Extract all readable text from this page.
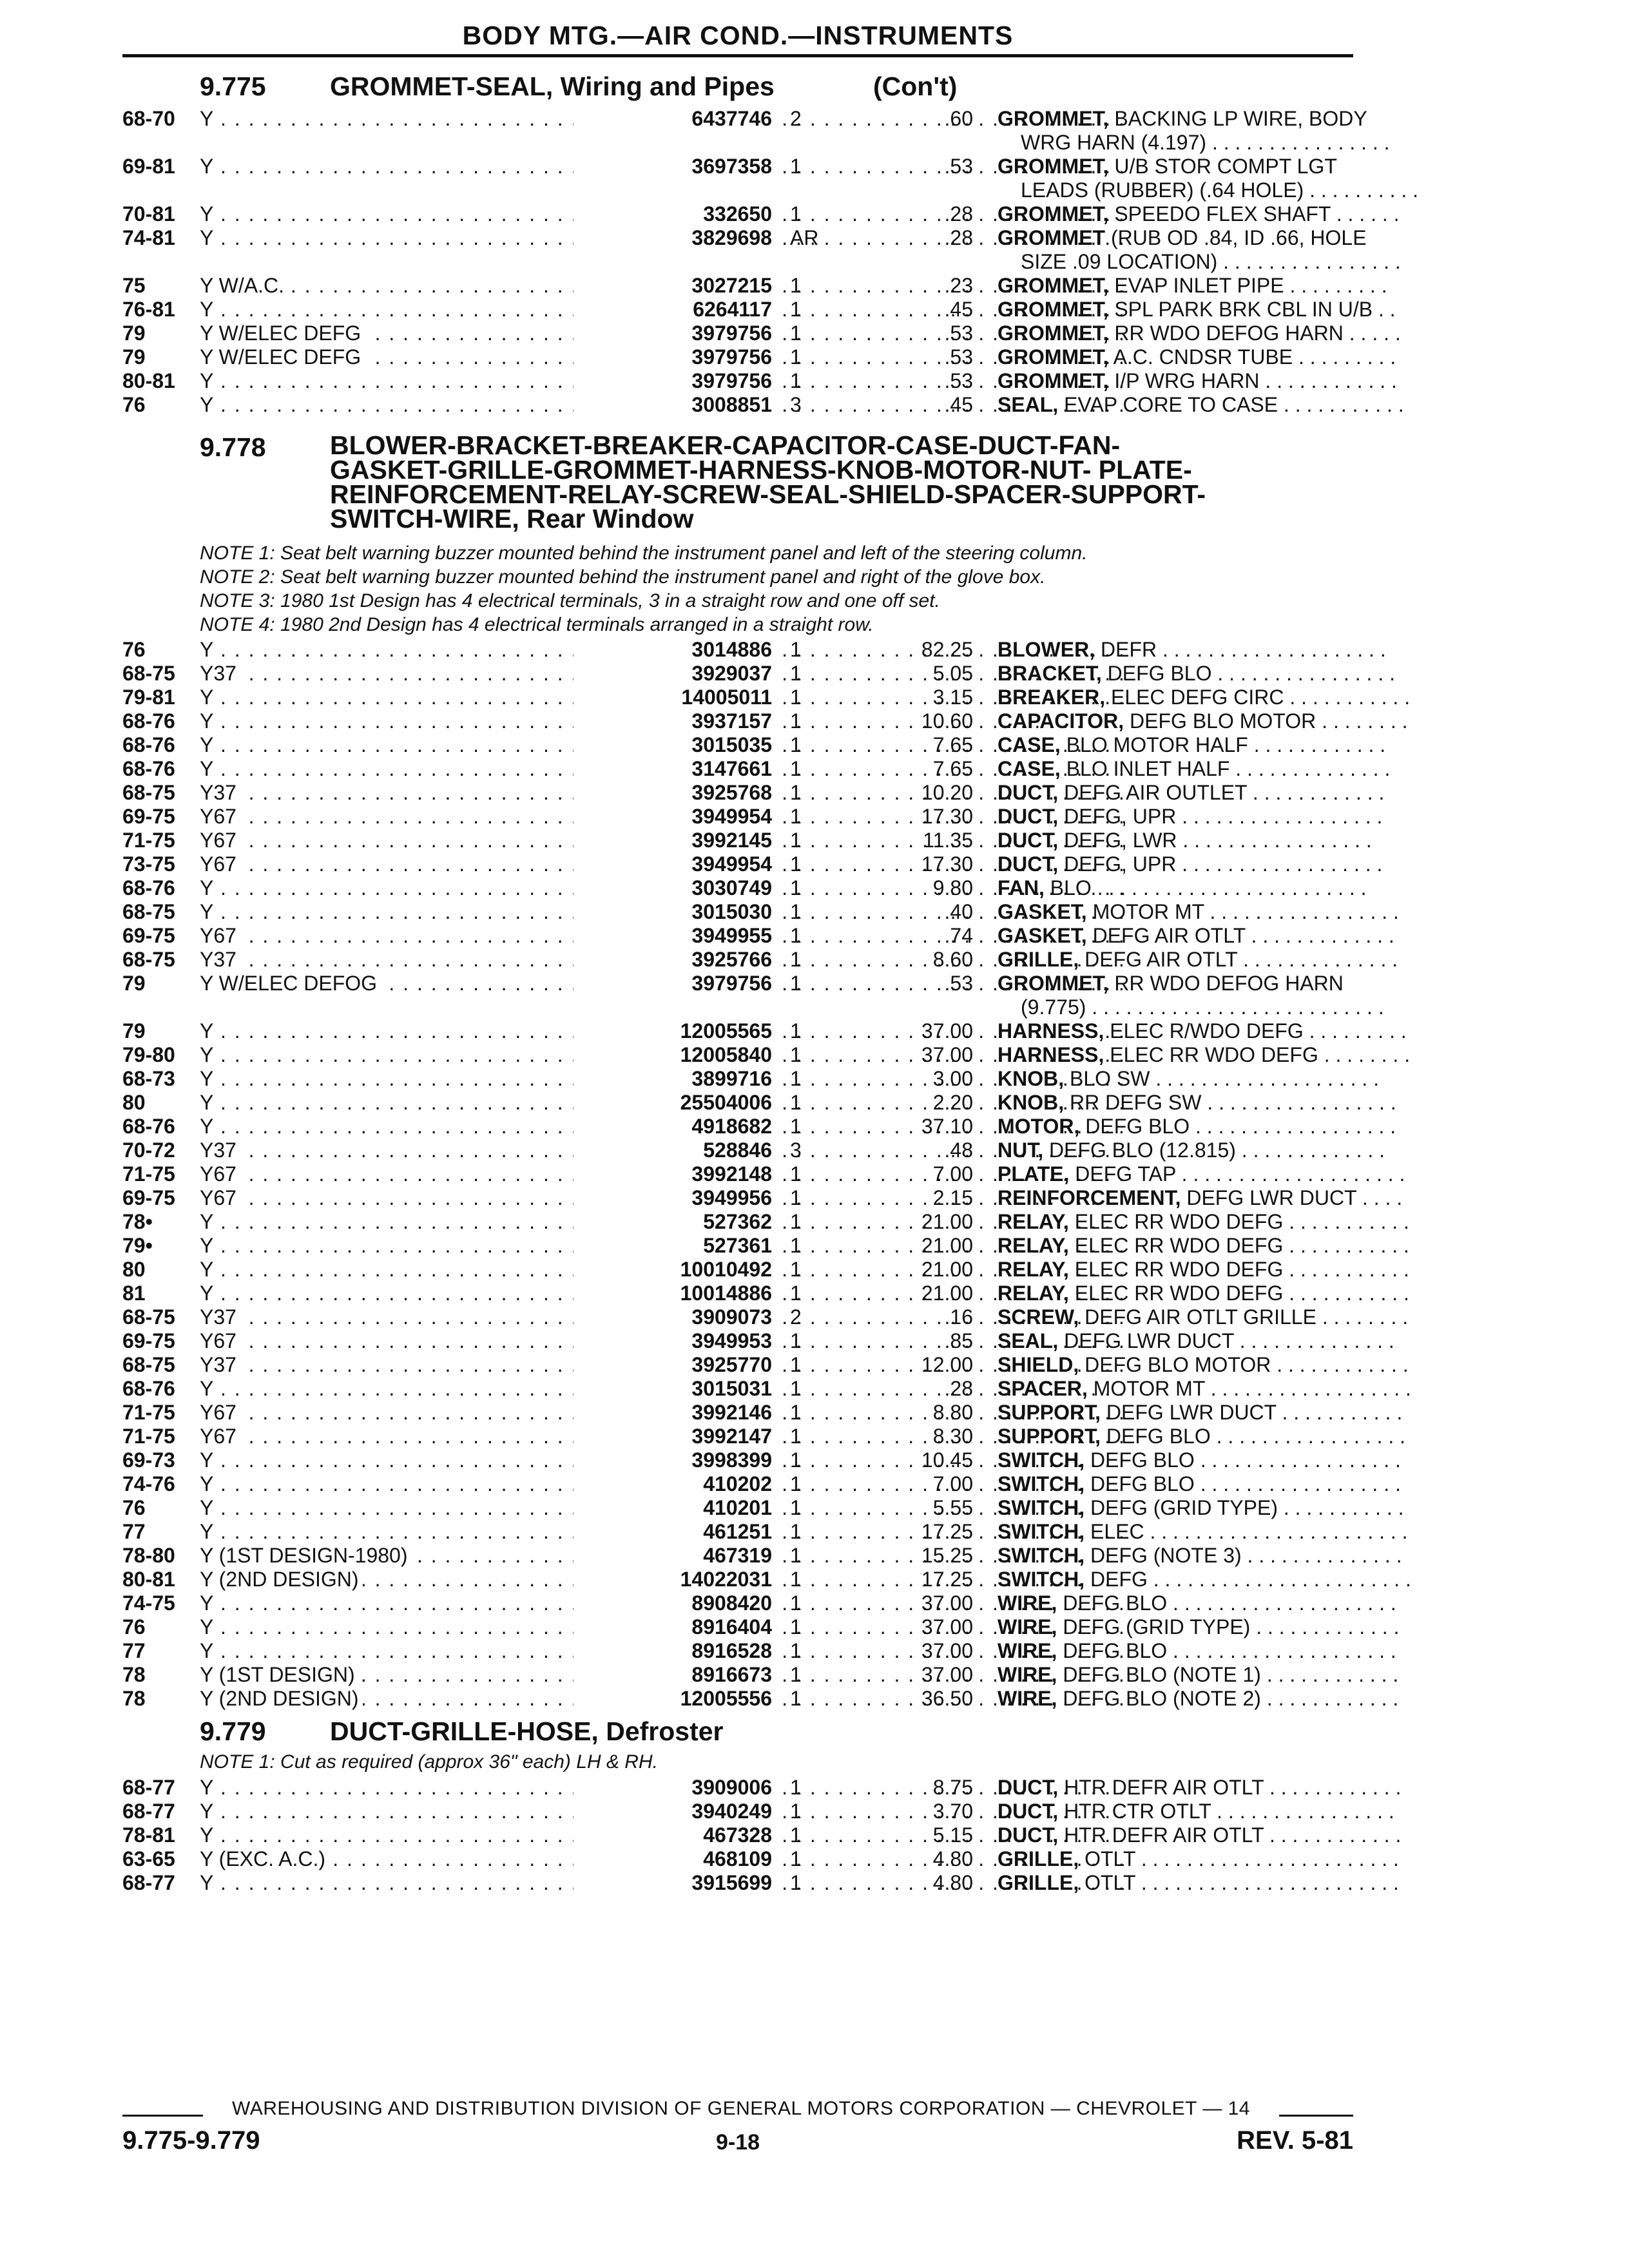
BODY MTG.—AIR COND.—INSTRUMENTS
9.775 GROMMET-SEAL, Wiring and Pipes	(Con't)
68-70 Y . . .	6437746 2	.60 GROMMET, BACKING LP WIRE, BODY
WRG HARN (4.197) . . . . . . . . . . . . . . . .
69-81 Y . . .	3697358 1	.53 GROMMET, U/B STOR COMPT LGT
LEADS (RUBBER) (.64 HOLE) . . . . . . . . . .
70-81 Y . . .	332650 1	.28 GROMMET, SPEEDO FLEX SHAFT . . . . . .
74-81 Y . . .	3829698 AR	.28 GROMMET (RUB OD .84, ID .66, HOLE
SIZE .09 LOCATION) . . . . . . . . . . . . . . . .
75	Y W/A.C. . . .	3027215 1	.23 GROMMET, EVAP INLET PIPE . . . . . . . . .
76-81 Y . . .	6264117 1	.45 GROMMET, SPL PARK BRK CBL IN U/B . .
79	Y W/ELEC DEFG . . .	3979756 1	.53 GROMMET, RR WDO DEFOG HARN . . . . .
79	Y W/ELEC DEFG . . .	3979756 1	.53 GROMMET, A.C. CNDSR TUBE . . . . . . . . .
80-81 Y . . .	3979756 1	.53 GROMMET, I/P WRG HARN . . . . . . . . . . . .
76	Y . . .	3008851 3	.45 SEAL, EVAP CORE TO CASE . . . . . . . . . . .
9.778 BLOWER-BRACKET-BREAKER-CAPACITOR-CASE-DUCT-FAN-
GASKET-GRILLE-GROMMET-HARNESS-KNOB-MOTOR-NUT- PLATE-
REINFORCEMENT-RELAY-SCREW-SEAL-SHIELD-SPACER-SUPPORT-
SWITCH-WIRE, Rear Window
NOTE 1: Seat belt warning buzzer mounted behind the instrument panel and left of the steering column.
NOTE 2: Seat belt warning buzzer mounted behind the instrument panel and right of the glove box.
NOTE 3: 1980 1st Design has 4 electrical terminals, 3 in a straight row and one off set.
NOTE 4: 1980 2nd Design has 4 electrical terminals arranged in a straight row.
76	Y . . .	3014886 1	82.25 BLOWER, DEFR . . . . . . . . . . . . . . . . . . . .
68-75 Y37 . . .	3929037 1	5.05 BRACKET, DEFG BLO . . . . . . . . . . . . . . . .
79-81 Y . . .	14005011 1	3.15 BREAKER, ELEC DEFG CIRC . . . . . . . . . . .
68-76 Y . . .	3937157 1	10.60 CAPACITOR, DEFG BLO MOTOR . . . . . . . .
68-76 Y . . .	3015035 1	7.65 CASE, BLO MOTOR HALF . . . . . . . . . . . .
68-76 Y . . .	3147661 1	7.65 CASE, BLO INLET HALF . . . . . . . . . . . . . .
68-75 Y37 . . .	3925768 1	10.20 DUCT, DEFG AIR OUTLET . . . . . . . . . . . .
69-75 Y67 . . .	3949954 1	17.30 DUCT, DEFG, UPR . . . . . . . . . . . . . . . . . .
71-75 Y67 . . .	3992145 1	11.35 DUCT, DEFG, LWR . . . . . . . . . . . . . . . . .
73-75 Y67 . . .	3949954 1	17.30 DUCT, DEFG, UPR . . . . . . . . . . . . . . . . . .
68-76 Y . . .	3030749 1	9.80 FAN, BLO . . . . . . . . . . . . . . . . . . . . . . . .
68-75 Y . . .	3015030 1	.40 GASKET, MOTOR MT . . . . . . . . . . . . . . . . .
69-75 Y67 . . .	3949955 1	.74 GASKET, DEFG AIR OTLT . . . . . . . . . . . . .
68-75 Y37 . . .	3925766 1	8.60 GRILLE, DEFG AIR OTLT . . . . . . . . . . . . . .
79	Y W/ELEC DEFOG . . .	3979756 1	.53 GROMMET, RR WDO DEFOG HARN
(9.775) . . . . . . . . . . . . . . . . . . . . . . . . . .
79	Y . . .	12005565 1	37.00 HARNESS, ELEC R/WDO DEFG . . . . . . . . .
79-80 Y . . .	12005840 1	37.00 HARNESS, ELEC RR WDO DEFG . . . . . . . .
68-73 Y . . .	3899716 1	3.00 KNOB, BLO SW . . . . . . . . . . . . . . . . . . . .
80	Y . . .	25504006 1	2.20 KNOB, RR DEFG SW . . . . . . . . . . . . . . . . .
68-76 Y . . .	4918682 1	37.10 MOTOR, DEFG BLO . . . . . . . . . . . . . . . . . .
70-72 Y37 . . .	528846 3	.48 NUT, DEFG BLO (12.815) . . . . . . . . . . . . .
71-75 Y67 . . .	3992148 1	7.00 PLATE, DEFG TAP . . . . . . . . . . . . . . . . . . . .
69-75 Y67 . . .	3949956 1	2.15 REINFORCEMENT, DEFG LWR DUCT . . . .
78• Y . . .	527362 1	21.00 RELAY, ELEC RR WDO DEFG . . . . . . . . . . .
79• Y . . .	527361 1	21.00 RELAY, ELEC RR WDO DEFG . . . . . . . . . . .
80	Y . . .	10010492 1	21.00 RELAY, ELEC RR WDO DEFG . . . . . . . . . . .
81	Y . . .	10014886 1	21.00 RELAY, ELEC RR WDO DEFG . . . . . . . . . . .
68-75 Y37 . . .	3909073 2	.16 SCREW, DEFG AIR OTLT GRILLE . . . . . . . .
69-75 Y67 . . .	3949953 1	.85 SEAL, DEFG LWR DUCT . . . . . . . . . . . . . .
68-75 Y37 . . .	3925770 1	12.00 SHIELD, DEFG BLO MOTOR . . . . . . . . . . . .
68-76 Y . . .	3015031 1	.28 SPACER, MOTOR MT . . . . . . . . . . . . . . . . . .
71-75 Y67 . . .	3992146 1	8.80 SUPPORT, DEFG LWR DUCT . . . . . . . . . . .
71-75 Y67 . . .	3992147 1	8.30 SUPPORT, DEFG BLO . . . . . . . . . . . . . . . . .
69-73 Y . . .	3998399 1	10.45 SWITCH, DEFG BLO . . . . . . . . . . . . . . . . . .
74-76 Y . . .	410202 1	7.00 SWITCH, DEFG BLO . . . . . . . . . . . . . . . . . .
76	Y . . .	410201 1	5.55 SWITCH, DEFG (GRID TYPE) . . . . . . . . . . .
77	Y . . .	461251 1	17.25 SWITCH, ELEC . . . . . . . . . . . . . . . . . . . . . . .
78-80 Y (1ST DESIGN-1980) . . .	467319 1	15.25 SWITCH, DEFG (NOTE 3) . . . . . . . . . . . . . .
80-81 Y (2ND DESIGN) . . .	14022031 1	17.25 SWITCH, DEFG . . . . . . . . . . . . . . . . . . . . . . .
74-75 Y . . .	8908420 1	37.00 WIRE, DEFG BLO . . . . . . . . . . . . . . . . . . . .
76	Y . . .	8916404 1	37.00 WIRE, DEFG (GRID TYPE) . . . . . . . . . . . . .
77	Y . . .	8916528 1	37.00 WIRE, DEFG BLO . . . . . . . . . . . . . . . . . . . .
78	Y (1ST DESIGN) . . .	8916673 1	37.00 WIRE, DEFG BLO (NOTE 1) . . . . . . . . . . . .
78	Y (2ND DESIGN) . . .	12005556 1	36.50 WIRE, DEFG BLO (NOTE 2) . . . . . . . . . . . .
9.779 DUCT-GRILLE-HOSE, Defroster
NOTE 1: Cut as required (approx 36" each) LH & RH.
68-77 Y . . .	3909006 1	8.75 DUCT, HTR DEFR AIR OTLT . . . . . . . . . . . .
68-77 Y . . .	3940249 1	3.70 DUCT, HTR CTR OTLT . . . . . . . . . . . . . . . .
78-81 Y . . .	467328 1	5.15 DUCT, HTR DEFR AIR OTLT . . . . . . . . . . . .
63-65 Y (EXC. A.C.) . . .	468109 1	4.80 GRILLE, OTLT . . . . . . . . . . . . . . . . . . . . . . .
68-77 Y . . .	3915699 1	4.80 GRILLE, OTLT . . . . . . . . . . . . . . . . . . . . . . .
WAREHOUSING AND DISTRIBUTION DIVISION OF GENERAL MOTORS CORPORATION — CHEVROLET — 14
9.775-9.779	9-18	REV. 5-81
